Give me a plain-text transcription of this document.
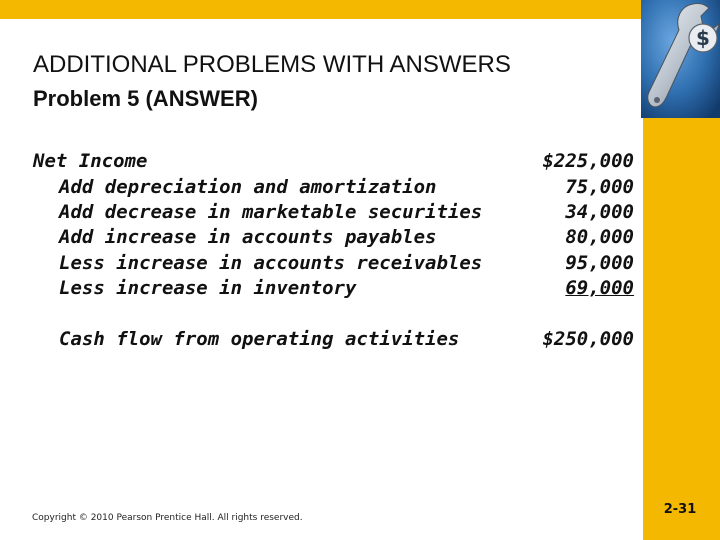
$
ADDITIONAL PROBLEMS WITH ANSWERS
Problem 5 (ANSWER)
Net Income	$225,000
Add depreciation and amortization	75,000
Add decrease in marketable securities	34,000
Add increase in accounts payables	80,000
Less increase in accounts receivables	95,000
Less increase in inventory	69,000
Cash flow from operating activities	$250,000
Copyright © 2010 Pearson Prentice Hall. All rights reserved.
2-31
